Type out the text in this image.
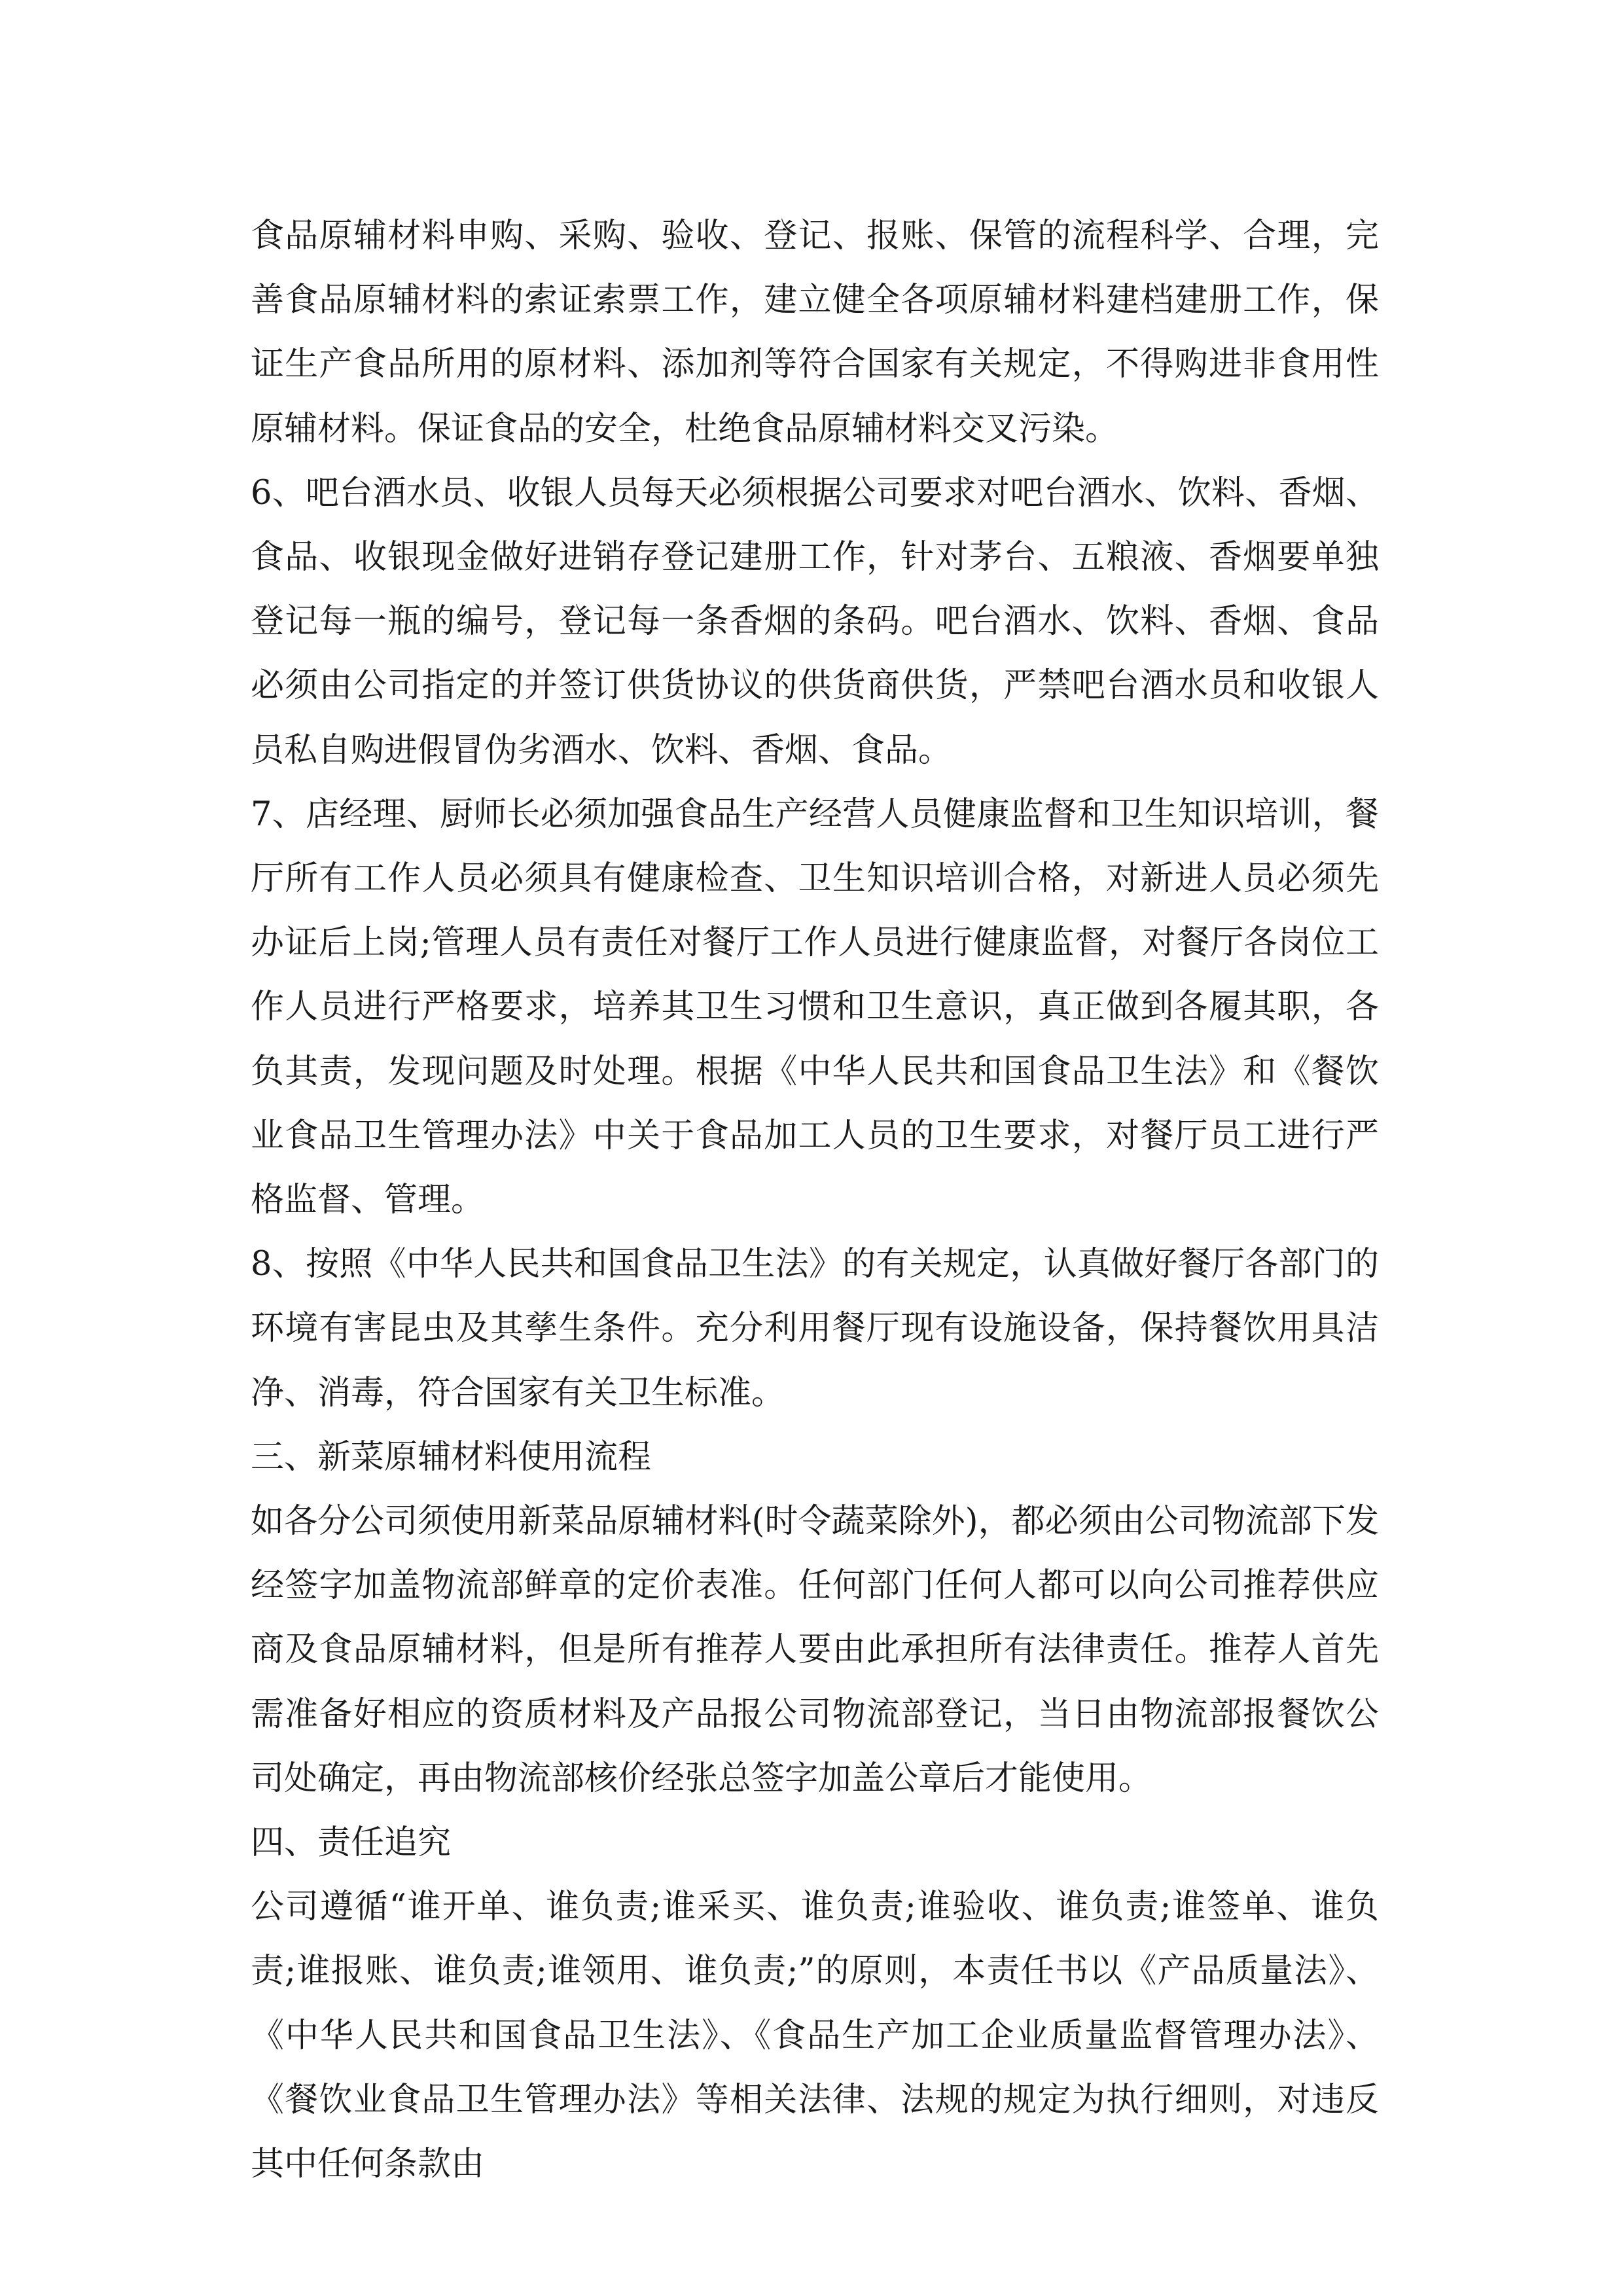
食品原辅材料申购、采购、验收、登记、报账、保管的流程科学、合理，完善食品原辅材料的索证索票工作，建立健全各项原辅材料建档建册工作，保证生产食品所用的原材料、添加剂等符合国家有关规定，不得购进非食用性原辅材料。保证食品的安全，杜绝食品原辅材料交叉污染。

6、吧台酒水员、收银人员每天必须根据公司要求对吧台酒水、饮料、香烟、食品、收银现金做好进销存登记建册工作，针对茅台、五粮液、香烟要单独登记每一瓶的编号，登记每一条香烟的条码。吧台酒水、饮料、香烟、食品必须由公司指定的并签订供货协议的供货商供货，严禁吧台酒水员和收银人员私自购进假冒伪劣酒水、饮料、香烟、食品。

7、店经理、厨师长必须加强食品生产经营人员健康监督和卫生知识培训，餐厅所有工作人员必须具有健康检查、卫生知识培训合格，对新进人员必须先办证后上岗;管理人员有责任对餐厅工作人员进行健康监督，对餐厅各岗位工作人员进行严格要求，培养其卫生习惯和卫生意识，真正做到各履其职，各负其责，发现问题及时处理。根据《中华人民共和国食品卫生法》和《餐饮业食品卫生管理办法》中关于食品加工人员的卫生要求，对餐厅员工进行严格监督、管理。

8、按照《中华人民共和国食品卫生法》的有关规定，认真做好餐厅各部门的环境有害昆虫及其孳生条件。充分利用餐厅现有设施设备，保持餐饮用具洁净、消毒，符合国家有关卫生标准。

三、新菜原辅材料使用流程

如各分公司须使用新菜品原辅材料(时令蔬菜除外)，都必须由公司物流部下发经签字加盖物流部鲜章的定价表准。任何部门任何人都可以向公司推荐供应商及食品原辅材料，但是所有推荐人要由此承担所有法律责任。推荐人首先需准备好相应的资质材料及产品报公司物流部登记，当日由物流部报餐饮公司处确定，再由物流部核价经张总签字加盖公章后才能使用。

四、责任追究

公司遵循“谁开单、谁负责;谁采买、谁负责;谁验收、谁负责;谁签单、谁负责;谁报账、谁负责;谁领用、谁负责;”的原则，本责任书以《产品质量法》、《中华人民共和国食品卫生法》、《食品生产加工企业质量监督管理办法》、《餐饮业食品卫生管理办法》等相关法律、法规的规定为执行细则，对违反其中任何条款由
